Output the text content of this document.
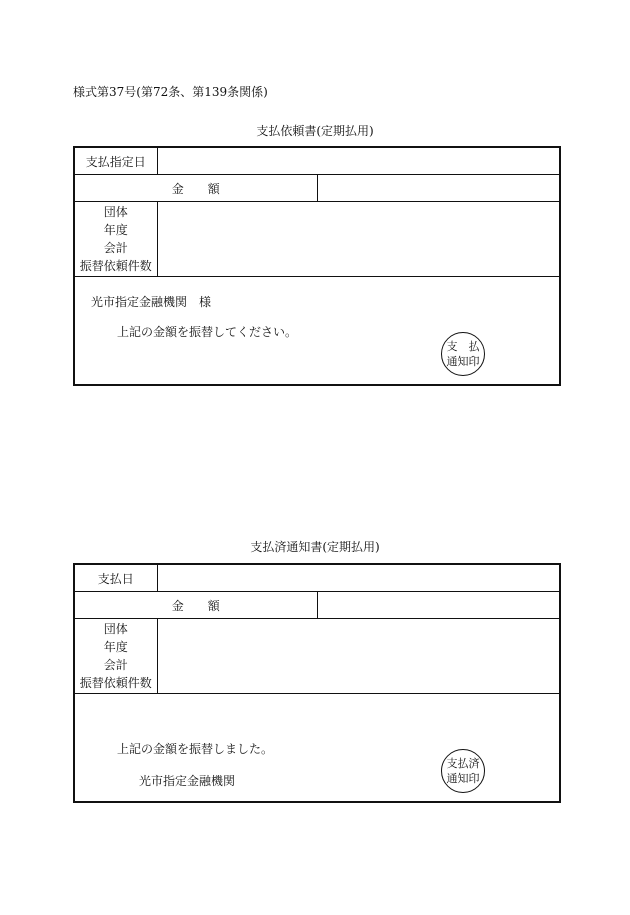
様式第37号(第72条、第139条関係)
支払依頼書(定期払用)
支払指定日		
金 額		

団体
年度
会計
振替依頼件数		

光市指定金融機関　様
上記の金額を振替してください。
支　払
通知印		
支払済通知書(定期払用)
支払日		
金 額		

団体
年度
会計
振替依頼件数		

上記の金額を振替しました。
光市指定金融機関
支払済
通知印		
